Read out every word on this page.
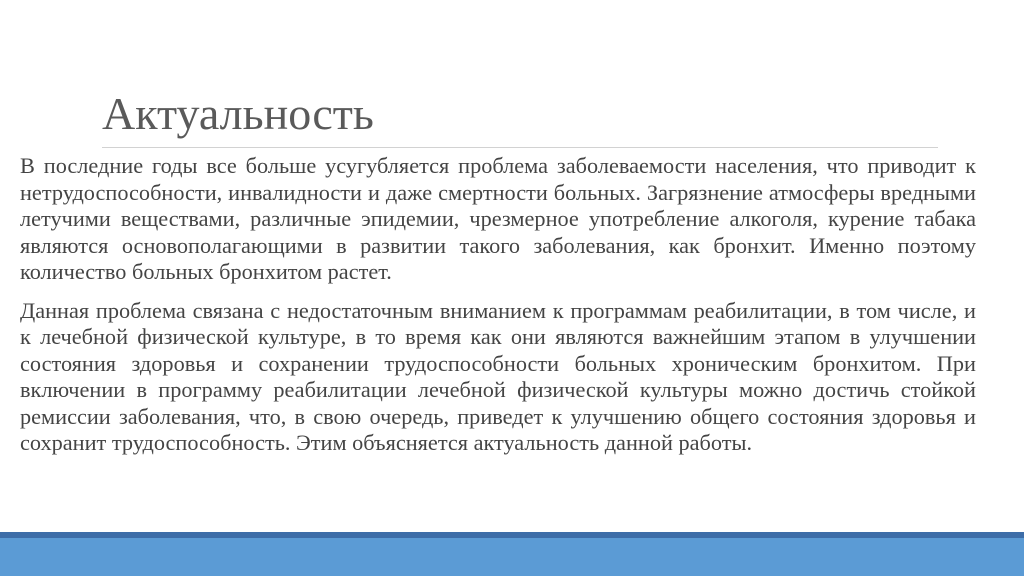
Актуальность

В последние годы все больше усугубляется проблема заболеваемости населения, что приводит к нетрудоспособности, инвалидности и даже смертности больных. Загрязнение атмосферы вредными летучими веществами, различные эпидемии, чрезмерное употребление алкоголя, курение табака являются основополагающими в развитии такого заболевания, как бронхит. Именно поэтому количество больных бронхитом растет.

Данная проблема связана с недостаточным вниманием к программам реабилитации, в том числе, и к лечебной физической культуре, в то время как они являются важнейшим этапом в улучшении состояния здоровья и сохранении трудоспособности больных хроническим бронхитом. При включении в программу реабилитации лечебной физической культуры можно достичь стойкой ремиссии заболевания, что, в свою очередь, приведет к улучшению общего состояния здоровья и сохранит трудоспособность. Этим объясняется актуальность данной работы.
